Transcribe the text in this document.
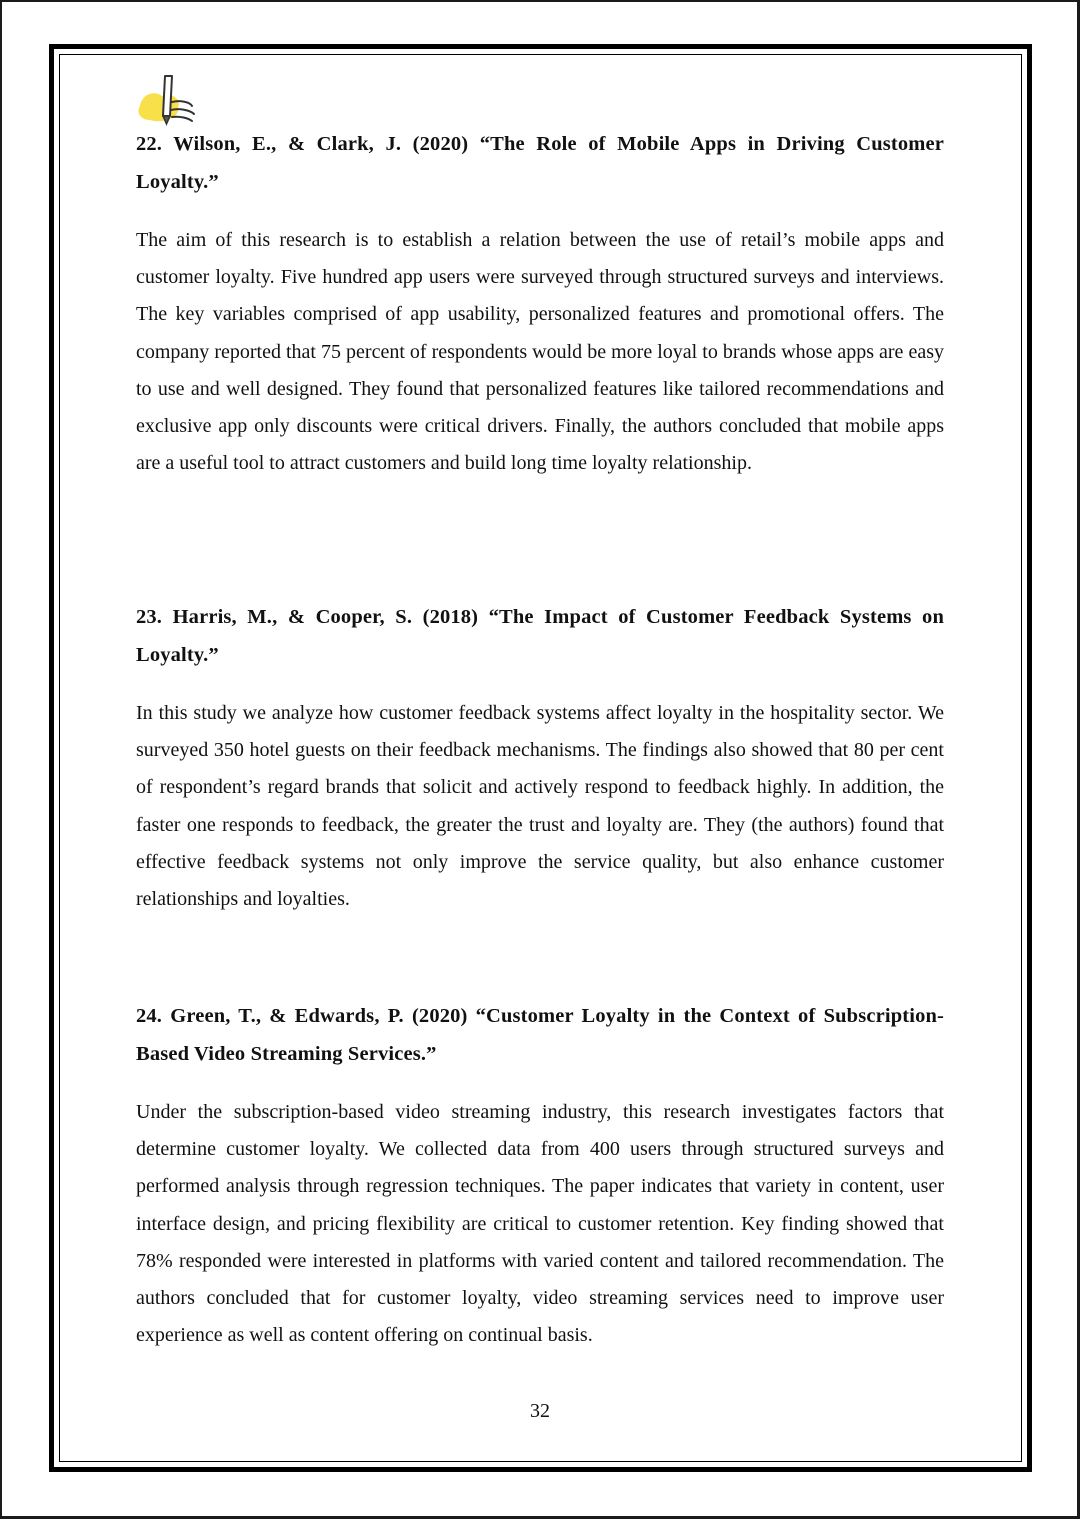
22. Wilson, E., & Clark, J. (2020) “The Role of Mobile Apps in Driving Customer Loyalty.”

The aim of this research is to establish a relation between the use of retail’s mobile apps and customer loyalty. Five hundred app users were surveyed through structured surveys and interviews. The key variables comprised of app usability, personalized features and promotional offers. The company reported that 75 percent of respondents would be more loyal to brands whose apps are easy to use and well designed. They found that personalized features like tailored recommendations and exclusive app only discounts were critical drivers. Finally, the authors concluded that mobile apps are a useful tool to attract customers and build long time loyalty relationship.

23. Harris, M., & Cooper, S. (2018) “The Impact of Customer Feedback Systems on Loyalty.”

In this study we analyze how customer feedback systems affect loyalty in the hospitality sector. We surveyed 350 hotel guests on their feedback mechanisms. The findings also showed that 80 per cent of respondent’s regard brands that solicit and actively respond to feedback highly. In addition, the faster one responds to feedback, the greater the trust and loyalty are. They (the authors) found that effective feedback systems not only improve the service quality, but also enhance customer relationships and loyalties.

24. Green, T., & Edwards, P. (2020) “Customer Loyalty in the Context of Subscription-Based Video Streaming Services.”

Under the subscription-based video streaming industry, this research investigates factors that determine customer loyalty. We collected data from 400 users through structured surveys and performed analysis through regression techniques. The paper indicates that variety in content, user interface design, and pricing flexibility are critical to customer retention. Key finding showed that 78% responded were interested in platforms with varied content and tailored recommendation. The authors concluded that for customer loyalty, video streaming services need to improve user experience as well as content offering on continual basis.

32
